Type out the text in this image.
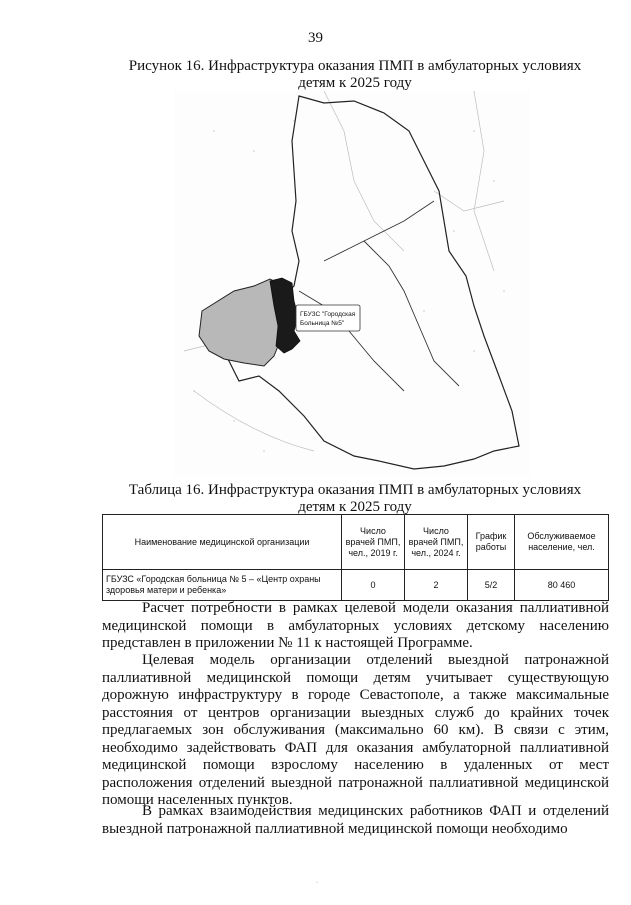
39
Рисунок 16. Инфраструктура оказания ПМП в амбулаторных условиях
детям к 2025 году
ГБУЗС "Городская
Больница №5"
Таблица 16. Инфраструктура оказания ПМП в амбулаторных условиях
детям к 2025 году
Наименование медицинской организации	Число врачей ПМП, чел., 2019 г.	Число врачей ПМП, чел., 2024 г.	График работы	Обслуживаемое население, чел.
ГБУЗС «Городская больница № 5 – «Центр охраны здоровья матери и ребенка»	0	2	5/2	80 460

Расчет потребности в рамках целевой модели оказания паллиативной медицинской помощи в амбулаторных условиях детскому населению представлен в приложении № 11 к настоящей Программе.

Целевая модель организации отделений выездной патронажной паллиативной медицинской помощи детям учитывает существующую дорожную инфраструктуру в городе Севастополе, а также максимальные расстояния от центров организации выездных служб до крайних точек предлагаемых зон обслуживания (максимально 60 км). В связи с этим, необходимо задействовать ФАП для оказания амбулаторной паллиативной медицинской помощи взрослому населению в удаленных от мест расположения отделений выездной патронажной паллиативной медицинской помощи населенных пунктов.

В рамках взаимодействия медицинских работников ФАП и отделений выездной патронажной паллиативной медицинской помощи необходимо

·
